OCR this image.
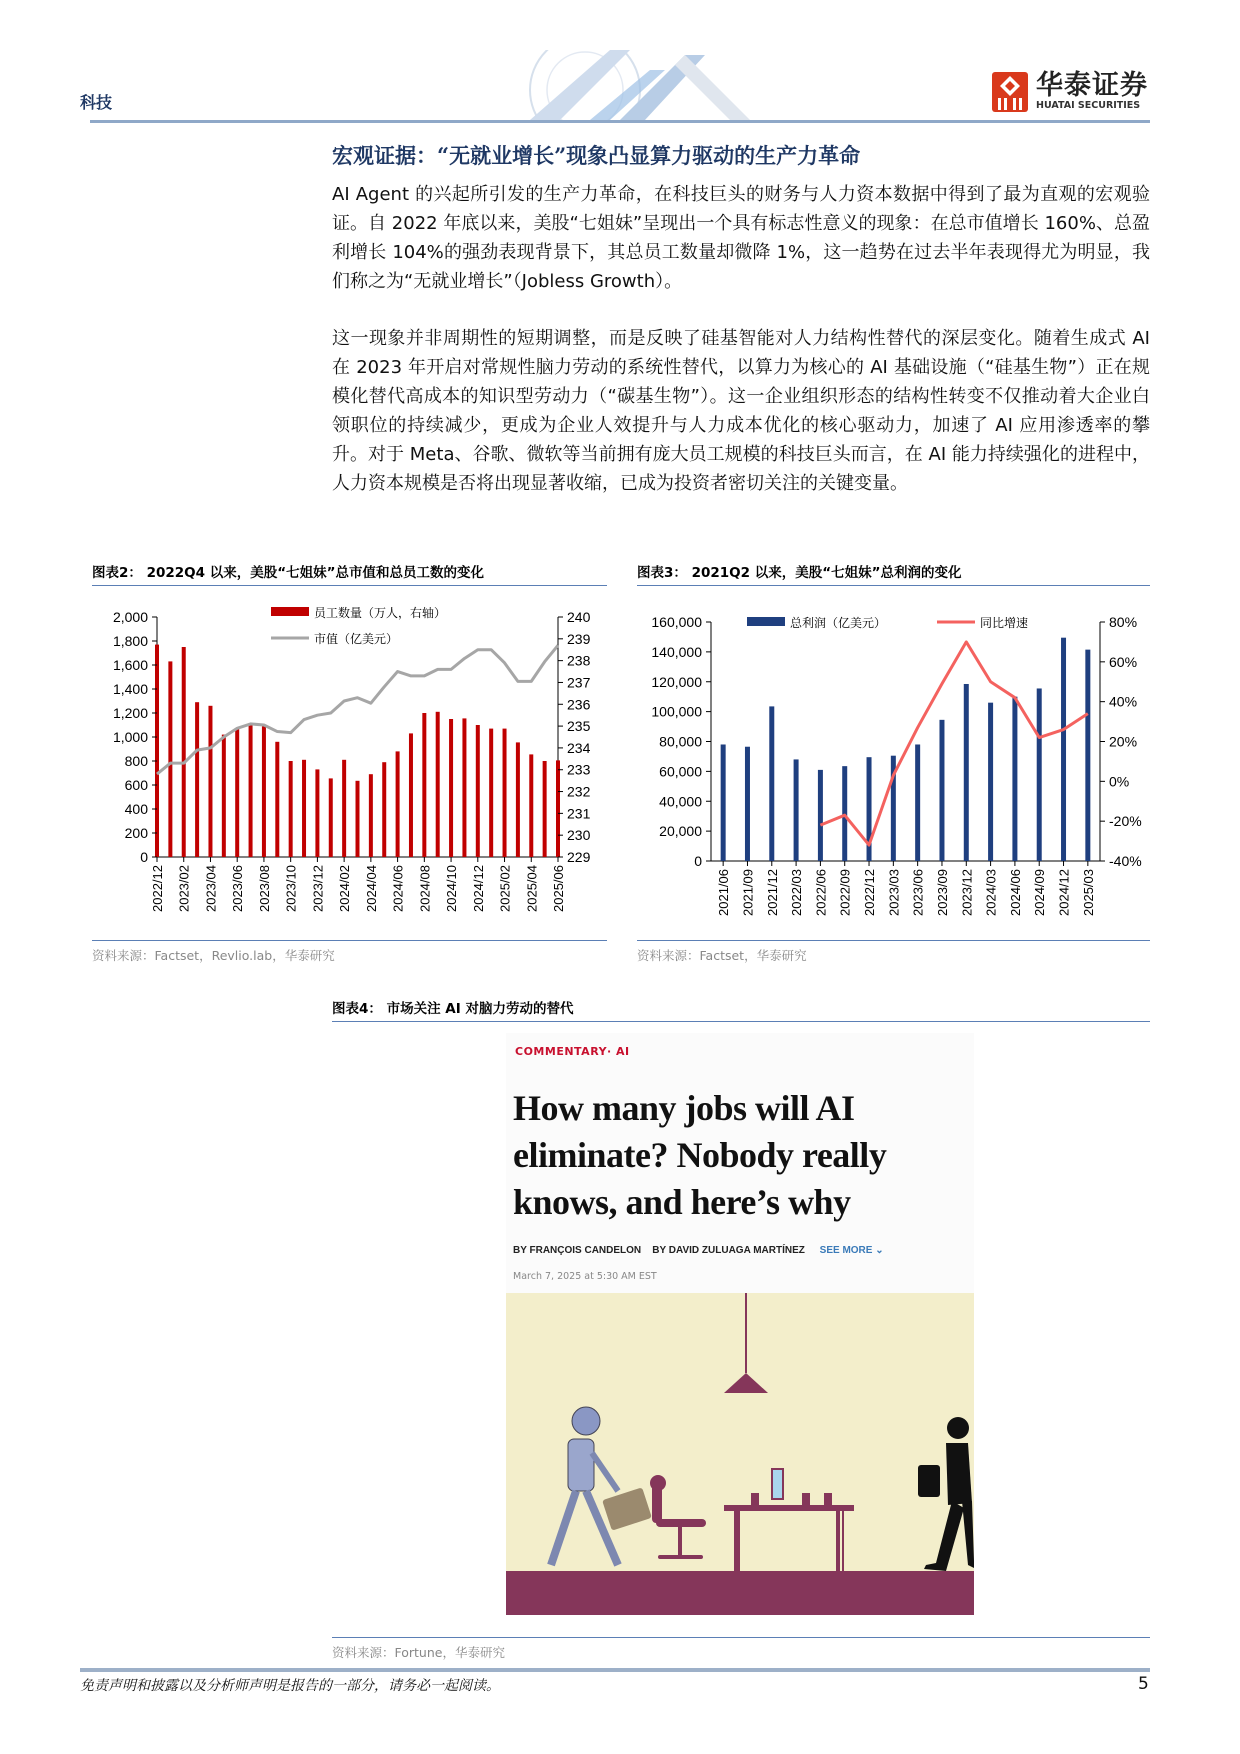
科技
华泰证券
HUATAI SECURITIES
宏观证据：“无就业增长”现象凸显算力驱动的生产力革命
AI Agent 的兴起所引发的生产力革命，在科技巨头的财务与人力资本数据中得到了最为直观的宏观验证。自 2022 年底以来，美股“七姐妹”呈现出一个具有标志性意义的现象：在总市值增长 160%、总盈利增长 104%的强劲表现背景下，其总员工数量却微降 1%，这一趋势在过去半年表现得尤为明显，我们称之为“无就业增长”（Jobless Growth）。
这一现象并非周期性的短期调整，而是反映了硅基智能对人力结构性替代的深层变化。随着生成式 AI 在 2023 年开启对常规性脑力劳动的系统性替代，以算力为核心的 AI 基础设施（“硅基生物”）正在规模化替代高成本的知识型劳动力（“碳基生物”）。这一企业组织形态的结构性转变不仅推动着大企业白领职位的持续减少，更成为企业人效提升与人力成本优化的核心驱动力，加速了 AI 应用渗透率的攀升。对于 Meta、谷歌、微软等当前拥有庞大员工规模的科技巨头而言，在 AI 能力持续强化的进程中，人力资本规模是否将出现显著收缩，已成为投资者密切关注的关键变量。
图表2： 2022Q4 以来，美股“七姐妹”总市值和总员工数的变化
0
200
400
600
800
1,000
1,200
1,400
1,600
1,800
2,000
229
230
231
232
233
234
235
236
237
238
239
240
2022/12 2023/02 2023/04 2023/06 2023/08 2023/10 2023/12 2024/02 2024/04 2024/06 2024/08 2024/10 2024/12 2025/02 2025/04 2025/06
员工数量（万人，右轴）
市值（亿美元）
资料来源：Factset，Revlio.lab，华泰研究
图表3： 2021Q2 以来，美股“七姐妹”总利润的变化
0
20,000
40,000
60,000
80,000
100,000
120,000
140,000
160,000
-40%
-20%
0%
20%
40%
60%
80%
2021/06 2021/09 2021/12 2022/03 2022/06 2022/09 2022/12 2023/03 2023/06 2023/09 2023/12 2024/03 2024/06 2024/09 2024/12 2025/03
总利润（亿美元）	同比增速
资料来源：Factset，华泰研究
图表4： 市场关注 AI 对脑力劳动的替代
COMMENTARY· AI
How many jobs will AI eliminate? Nobody really knows, and here’s why
BY FRANÇOIS CANDELON BY DAVID ZULUAGA MARTÍNEZ SEE MORE ⌄
March 7, 2025 at 5:30 AM EST
资料来源：Fortune，华泰研究
免责声明和披露以及分析师声明是报告的一部分，请务必一起阅读。	5
